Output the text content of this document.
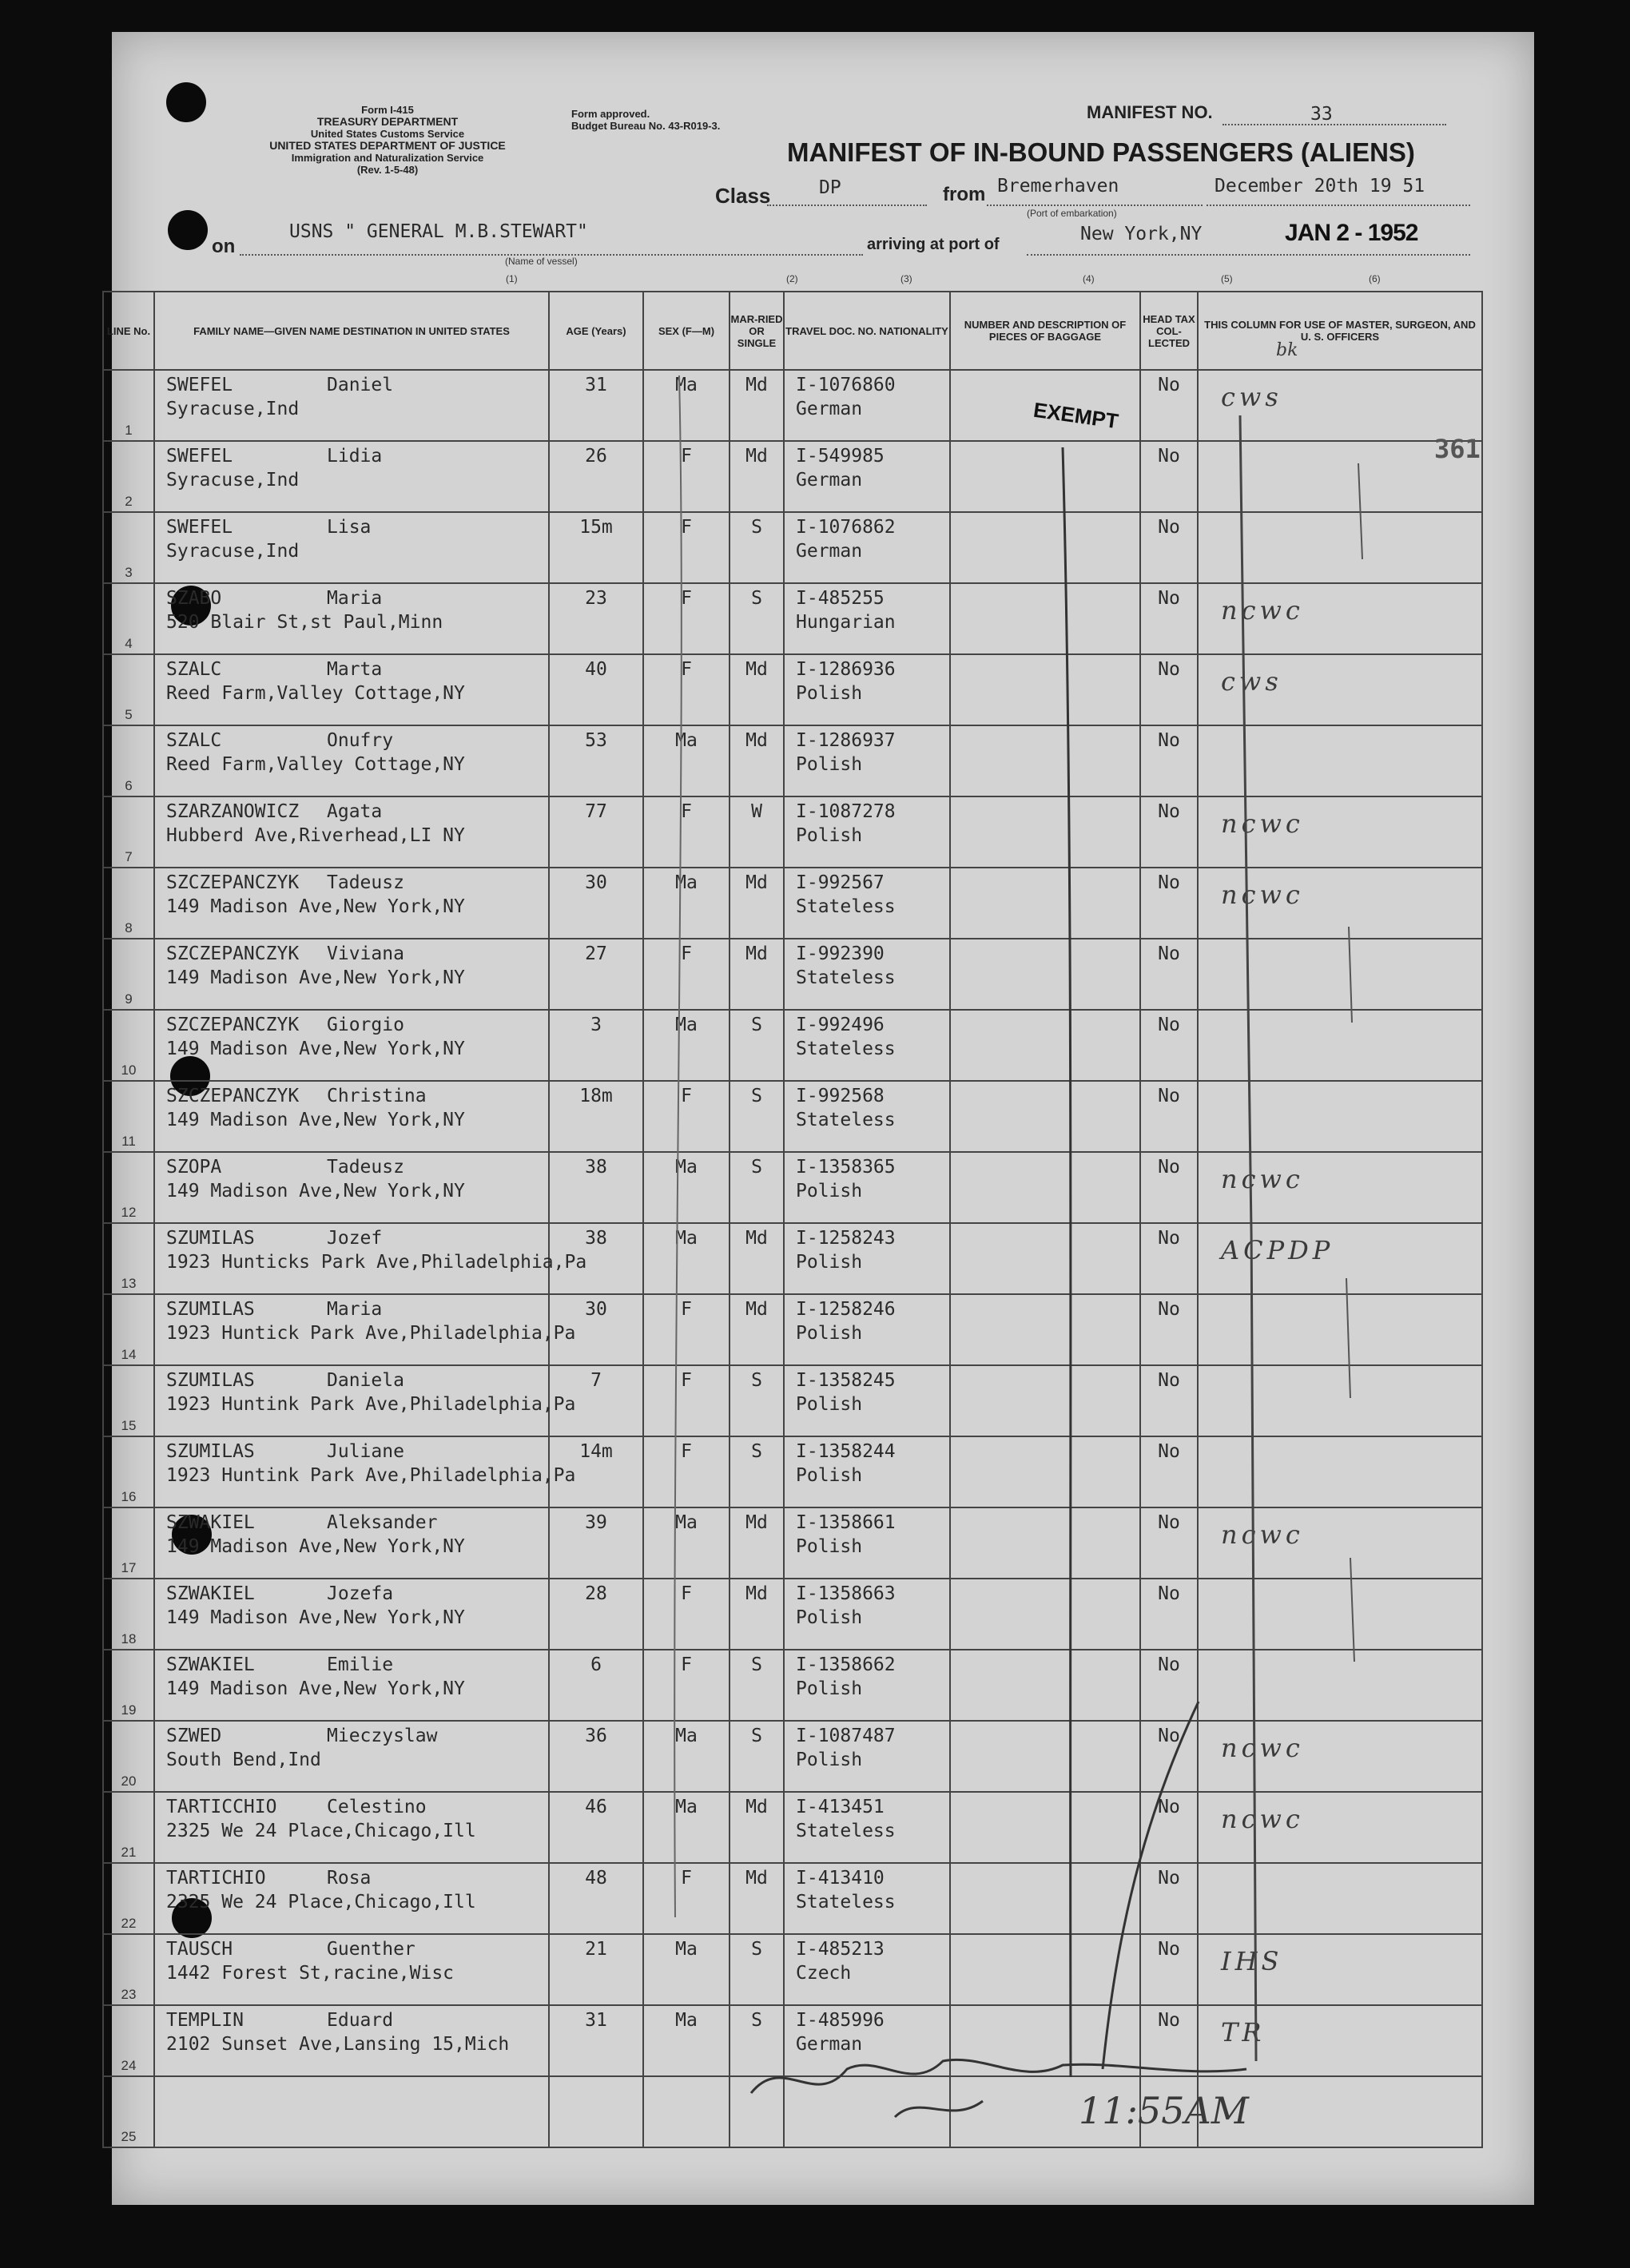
Form I-415
TREASURY DEPARTMENT
United States Customs Service
UNITED STATES DEPARTMENT OF JUSTICE
Immigration and Naturalization Service
(Rev. 1-5-48)
Form approved.
Budget Bureau No. 43-R019-3.
MANIFEST NO.	33
MANIFEST OF IN-BOUND PASSENGERS (ALIENS)
Class	DP	from Bremerhaven
(Port of embarkation)
December 20th 19 51
on
USNS " GENERAL M.B.STEWART"
(Name of vessel)
arriving at port of	New York,NY	JAN 2 - 1952
(1)	(2)	(3)	(4)	(5)	(6)
LINE No.	FAMILY NAME—GIVEN NAME DESTINATION IN UNITED STATES	AGE (Years)	SEX (F—M)	MAR-RIED OR SINGLE	TRAVEL DOC. NO. NATIONALITY	NUMBER AND DESCRIPTION OF PIECES OF BAGGAGE	HEAD TAX COL-LECTED	THIS COLUMN FOR USE OF MASTER, SURGEON, AND U. S. OFFICERS

1	SWEFEL Daniel
Syracuse,Ind	31	Ma	Md	I-1076860
German		No	cws

2	SWEFEL Lidia
Syracuse,Ind	26	F	Md	I-549985
German		No	

3	SWEFEL Lisa
Syracuse,Ind	15m	F	S	I-1076862
German		No	

4	SZABO Maria
520 Blair St,st Paul,Minn	23	F	S	I-485255
Hungarian		No	ncwc

5	SZALC Marta
Reed Farm,Valley Cottage,NY	40	F	Md	I-1286936
Polish		No	cws

6	SZALC Onufry
Reed Farm,Valley Cottage,NY	53	Ma	Md	I-1286937
Polish		No	

7	SZARZANOWICZ Agata
Hubberd Ave,Riverhead,LI NY	77	F	W	I-1087278
Polish		No	ncwc

8	SZCZEPANCZYK Tadeusz
149 Madison Ave,New York,NY	30	Ma	Md	I-992567
Stateless		No	ncwc

9	SZCZEPANCZYK Viviana
149 Madison Ave,New York,NY	27	F	Md	I-992390
Stateless		No	

10	SZCZEPANCZYK Giorgio
149 Madison Ave,New York,NY	3	Ma	S	I-992496
Stateless		No	

11	SZCZEPANCZYK Christina
149 Madison Ave,New York,NY	18m	F	S	I-992568
Stateless		No	

12	SZOPA Tadeusz
149 Madison Ave,New York,NY	38	Ma	S	I-1358365
Polish		No	ncwc

13	SZUMILAS Jozef
1923 Hunticks Park Ave,Philadelphia,Pa	38	Ma	Md	I-1258243
Polish		No	ACPDP

14	SZUMILAS Maria
1923 Huntick Park Ave,Philadelphia,Pa	30	F	Md	I-1258246
Polish		No	

15	SZUMILAS Daniela
1923 Huntink Park Ave,Philadelphia,Pa	7	F	S	I-1358245
Polish		No	

16	SZUMILAS Juliane
1923 Huntink Park Ave,Philadelphia,Pa	14m	F	S	I-1358244
Polish		No	

17	SZWAKIEL Aleksander
149 Madison Ave,New York,NY	39	Ma	Md	I-1358661
Polish		No	ncwc

18	SZWAKIEL Jozefa
149 Madison Ave,New York,NY	28	F	Md	I-1358663
Polish		No	

19	SZWAKIEL Emilie
149 Madison Ave,New York,NY	6	F	S	I-1358662
Polish		No	

20	SZWED Mieczyslaw
South Bend,Ind	36	Ma	S	I-1087487
Polish		No	ncwc

21	TARTICCHIO Celestino
2325 We 24 Place,Chicago,Ill	46	Ma	Md	I-413451
Stateless		No	ncwc

22	TARTICHIO Rosa
2325 We 24 Place,Chicago,Ill	48	F	Md	I-413410
Stateless		No	

23	TAUSCH Guenther
1442 Forest St,racine,Wisc	21	Ma	S	I-485213
Czech		No	IHS

24	TEMPLIN Eduard
2102 Sunset Ave,Lansing 15,Mich	31	Ma	S	I-485996
German		No	TR

25								

EXEMPT
361
bk
11:55AM
